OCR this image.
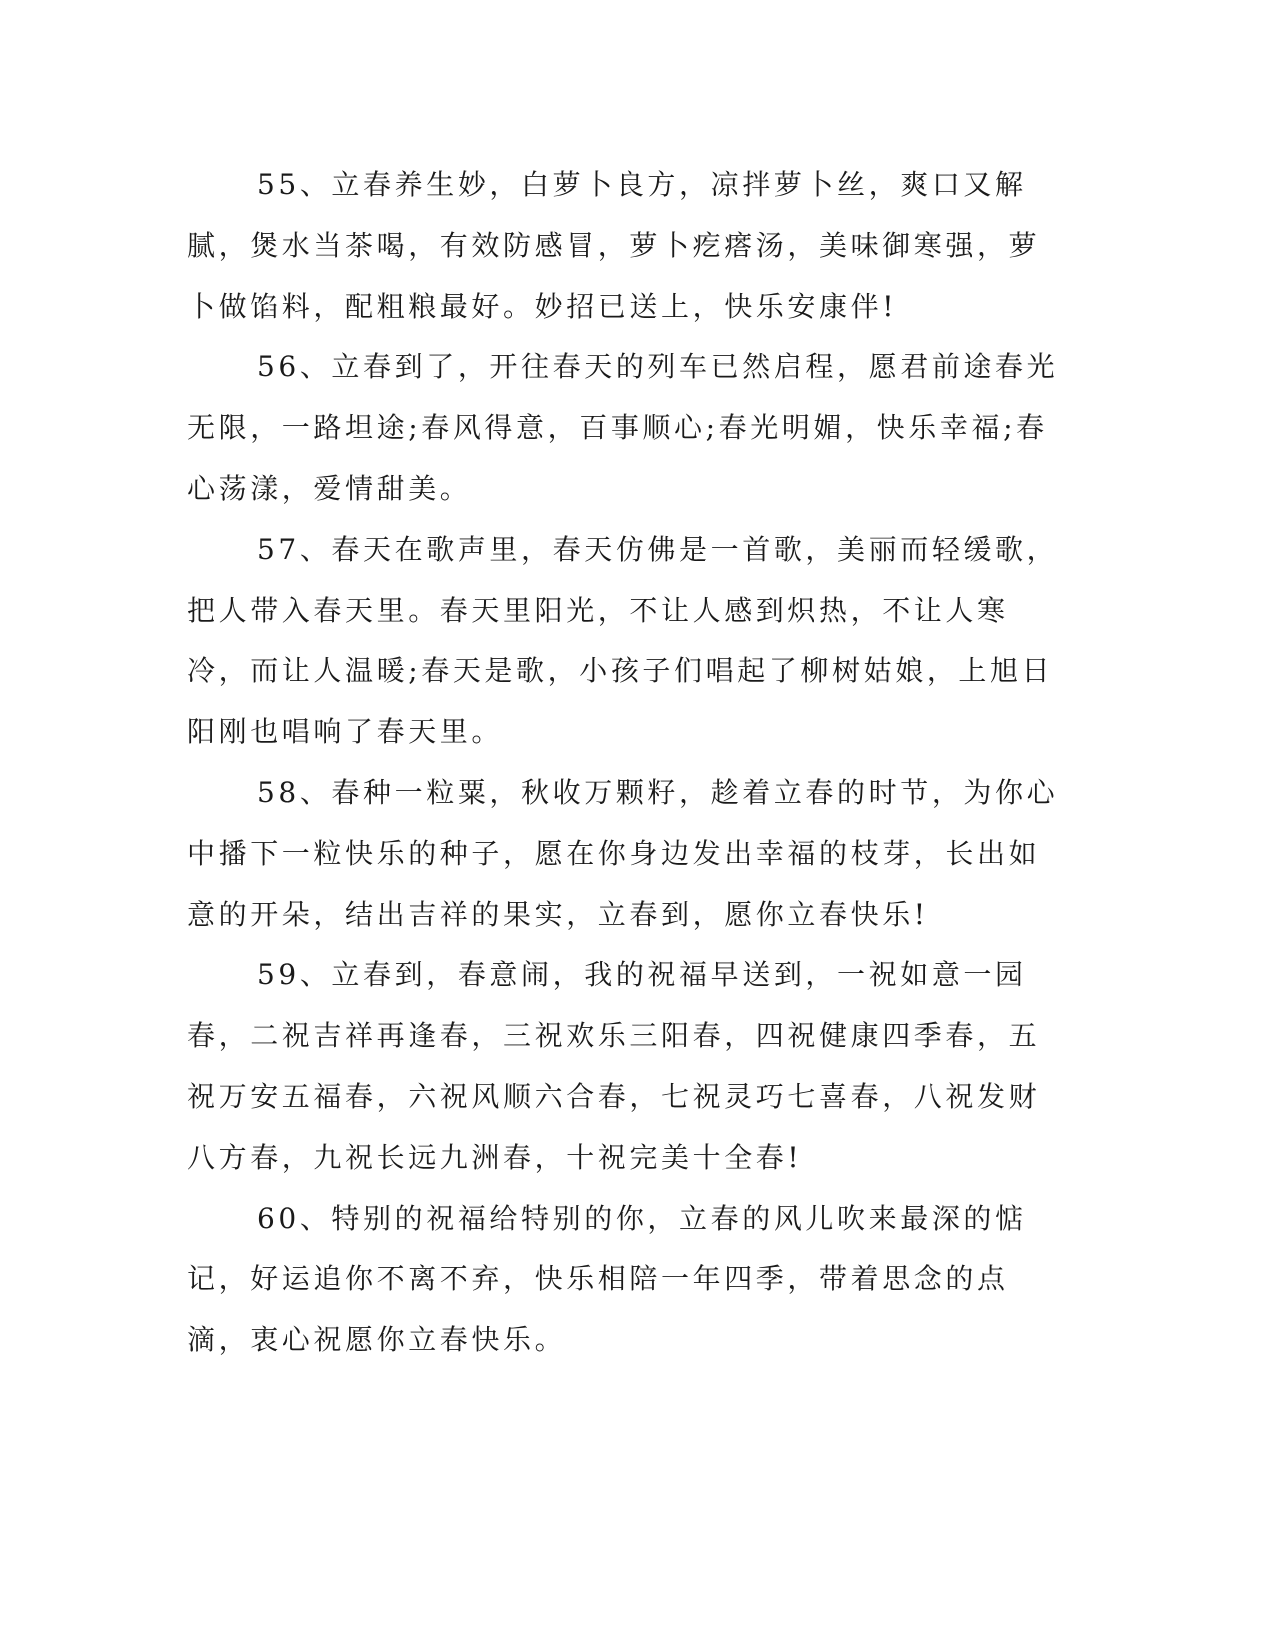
55、立春养生妙，白萝卜良方，凉拌萝卜丝，爽口又解腻，煲水当茶喝，有效防感冒，萝卜疙瘩汤，美味御寒强，萝卜做馅料，配粗粮最好。妙招已送上，快乐安康伴!

56、立春到了，开往春天的列车已然启程，愿君前途春光无限，一路坦途;春风得意，百事顺心;春光明媚，快乐幸福;春心荡漾，爱情甜美。

57、春天在歌声里，春天仿佛是一首歌，美丽而轻缓歌，把人带入春天里。春天里阳光，不让人感到炽热，不让人寒冷，而让人温暖;春天是歌，小孩子们唱起了柳树姑娘，上旭日阳刚也唱响了春天里。

58、春种一粒粟，秋收万颗籽，趁着立春的时节，为你心中播下一粒快乐的种子，愿在你身边发出幸福的枝芽，长出如意的开朵，结出吉祥的果实，立春到，愿你立春快乐!

59、立春到，春意闹，我的祝福早送到，一祝如意一园春，二祝吉祥再逢春，三祝欢乐三阳春，四祝健康四季春，五祝万安五福春，六祝风顺六合春，七祝灵巧七喜春，八祝发财八方春，九祝长远九洲春，十祝完美十全春!

60、特别的祝福给特别的你，立春的风儿吹来最深的惦记，好运追你不离不弃，快乐相陪一年四季，带着思念的点滴，衷心祝愿你立春快乐。
